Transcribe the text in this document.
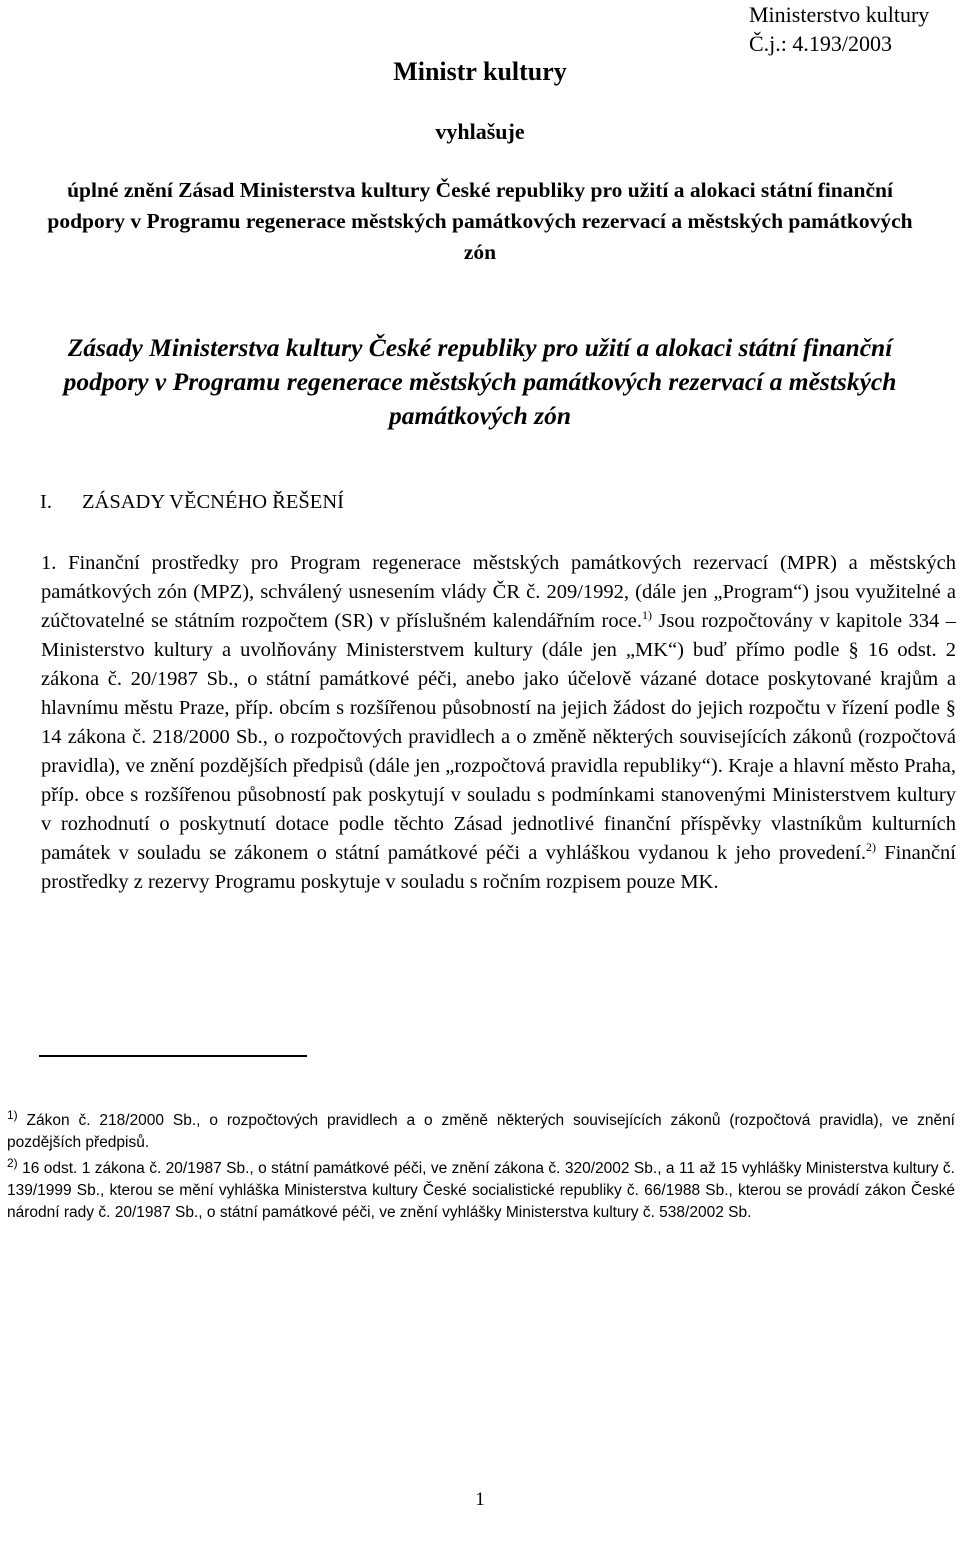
Ministerstvo kultury
Č.j.: 4.193/2003
Ministr kultury
vyhlašuje
úplné znění Zásad Ministerstva kultury České republiky pro užití a alokaci státní finanční podpory v Programu regenerace městských památkových rezervací a městských památkových zón
Zásady Ministerstva kultury České republiky pro užití a alokaci státní finanční podpory v Programu regenerace městských památkových rezervací a městských památkových zón
I. ZÁSADY VĚCNÉHO ŘEŠENÍ
1. Finanční prostředky pro Program regenerace městských památkových rezervací (MPR) a městských památkových zón (MPZ), schválený usnesením vlády ČR č. 209/1992, (dále jen „Program“) jsou využitelné a zúčtovatelné se státním rozpočtem (SR) v příslušném kalendářním roce.$^{1)}$ Jsou rozpočtovány v kapitole 334 – Ministerstvo kultury a uvolňovány Ministerstvem kultury (dále jen „MK“) buď přímo podle § 16 odst. 2 zákona č. 20/1987 Sb., o státní památkové péči, anebo jako účelově vázané dotace poskytované krajům a hlavnímu městu Praze, příp. obcím s rozšířenou působností na jejich žádost do jejich rozpočtu v řízení podle § 14 zákona č. 218/2000 Sb., o rozpočtových pravidlech a o změně některých souvisejících zákonů (rozpočtová pravidla), ve znění pozdějších předpisů (dále jen „rozpočtová pravidla republiky“). Kraje a hlavní město Praha, příp. obce s rozšířenou působností pak poskytují v souladu s podmínkami stanovenými Ministerstvem kultury v rozhodnutí o poskytnutí dotace podle těchto Zásad jednotlivé finanční příspěvky vlastníkům kulturních památek v souladu se zákonem o státní památkové péči a vyhláškou vydanou k jeho provedení.$^{2)}$ Finanční prostředky z rezervy Programu poskytuje v souladu s ročním rozpisem pouze MK.
$^{1)}$ Zákon č. 218/2000 Sb., o rozpočtových pravidlech a o změně některých souvisejících zákonů (rozpočtová pravidla), ve znění pozdějších předpisů.
$^{2)}$ 16 odst. 1 zákona č. 20/1987 Sb., o státní památkové péči, ve znění zákona č. 320/2002 Sb., a 11 až 15 vyhlášky Ministerstva kultury č. 139/1999 Sb., kterou se mění vyhláška Ministerstva kultury České socialistické republiky č. 66/1988 Sb., kterou se provádí zákon České národní rady č. 20/1987 Sb., o státní památkové péči, ve znění vyhlášky Ministerstva kultury č. 538/2002 Sb.
1
